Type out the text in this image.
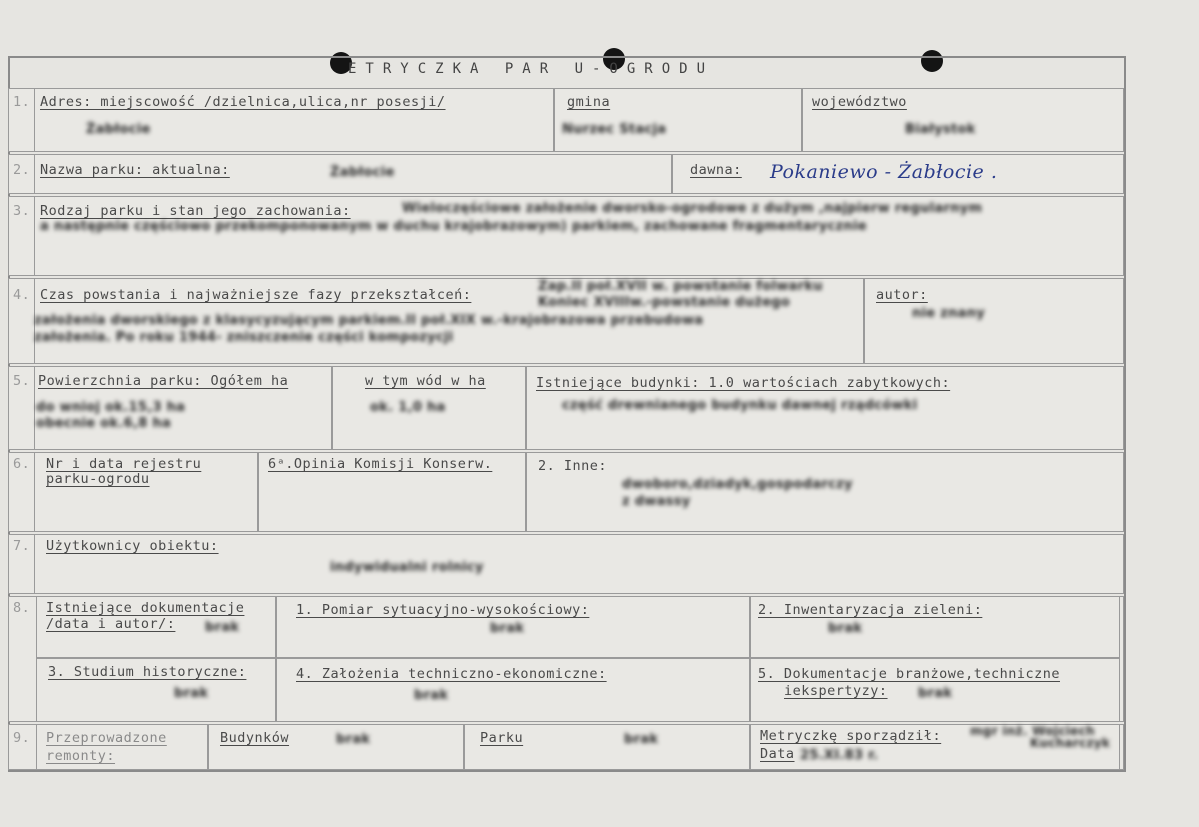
ETRYCZKA PAR U-OGRODU
1. Adres: miejscowość /dzielnica,ulica,nr posesji/
Żabłocie
gmina
Nurzec Stacja
województwo
Białystok
2. Nazwa parku: aktualna:	Żabłocie	dawna: Pokaniewo - Żabłocie .
3. Rodzaj parku i stan jego zachowania:	Wieloczęściowe założenie dworsko-ogrodowe z dużym ,najpierw regularnym
a następnie częściowo przekomponowanym w duchu krajobrazowym) parkiem, zachowane fragmentarycznie
4. Czas powstania i najważniejsze fazy przekształceń:
Zap.II poł.XVII w. powstanie folwarku
Koniec XVIIIw.-powstanie dużego
założenia dworskiego z klasycyzującym parkiem.II poł.XIX w.-krajobrazowa przebudowa
założenia. Po roku 1944- zniszczenie części kompozycji
autor:
nie znany
5. Powierzchnia parku: Ogółem ha
do wnioj ok.15,3 ha
obecnie ok.6,8 ha
w tym wód w ha
ok. 1,0 ha
Istniejące budynki: 1.0 wartościach zabytkowych:
część drewnianego budynku dawnej rządcówki
6. Nr i data rejestru
parku-ogrodu
6ᵃ.Opinia Komisji Konserw.	2. Inne:
dwoboro,dziadyk,gospodarczy
z dwassy
7. Użytkownicy obiektu:
indywidualni rolnicy
8. Istniejące dokumentacje
/data i autor/: brak
1. Pomiar sytuacyjno-wysokościowy:
brak
2. Inwentaryzacja zieleni:
brak
3. Studium historyczne:
brak
4. Założenia techniczno-ekonomiczne:
brak
5. Dokumentacje branżowe,techniczne
iekspertyzy: brak
9. Przeprowadzone
remonty:
Budynków	brak	Parku	brak	Metryczkę sporządził: mgr inż. Wojciech
Kucharczyk
Data 25.XI.83 r.
